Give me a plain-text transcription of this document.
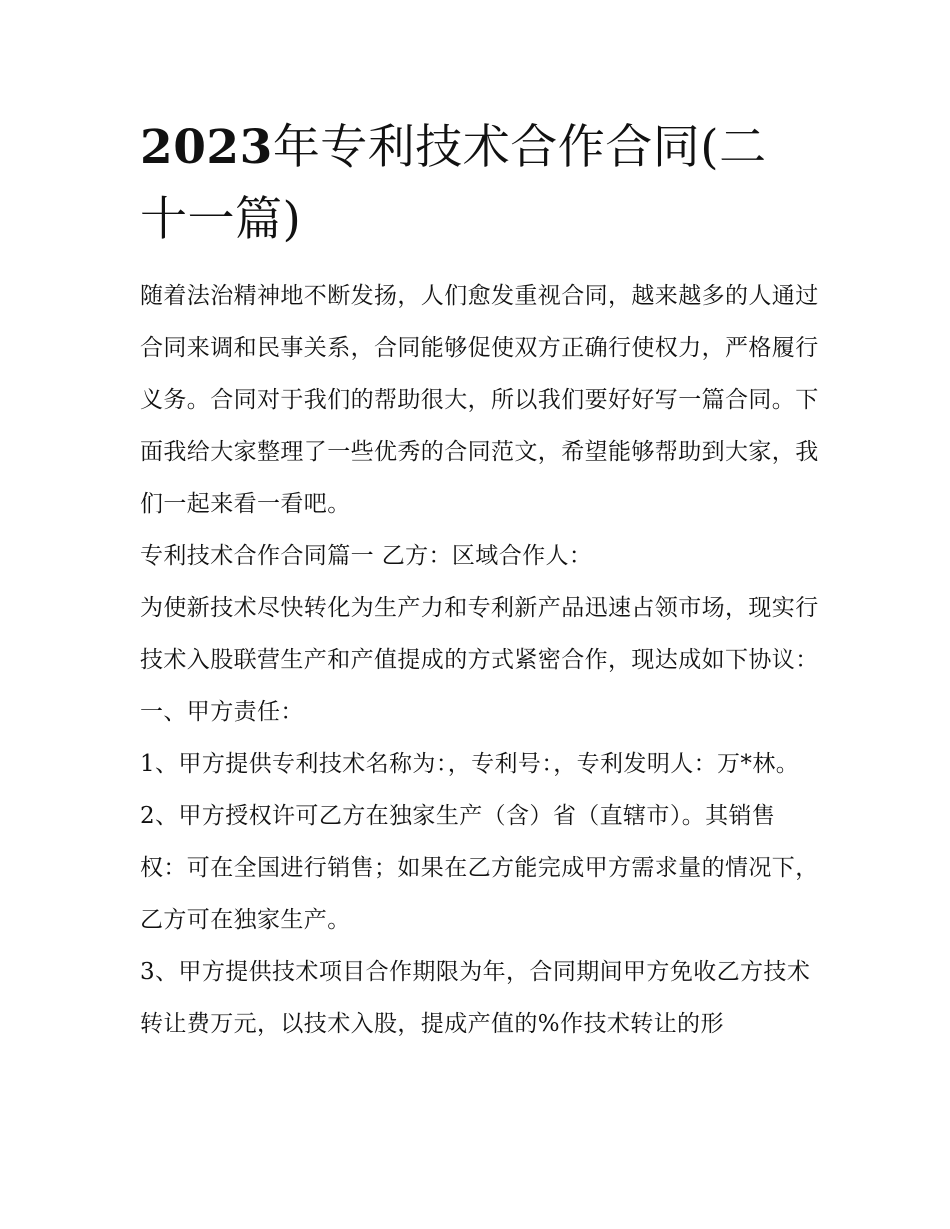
2023年专利技术合作合同(二十一篇)

随着法治精神地不断发扬，人们愈发重视合同，越来越多的人通过合同来调和民事关系，合同能够促使双方正确行使权力，严格履行义务。合同对于我们的帮助很大，所以我们要好好写一篇合同。下面我给大家整理了一些优秀的合同范文，希望能够帮助到大家，我们一起来看一看吧。

专利技术合作合同篇一 乙方：区域合作人：

为使新技术尽快转化为生产力和专利新产品迅速占领市场，现实行技术入股联营生产和产值提成的方式紧密合作，现达成如下协议： 一、甲方责任：

1、甲方提供专利技术名称为：，专利号：，专利发明人：万*林。

2、甲方授权许可乙方在独家生产（含）省（直辖市）。其销售权：可在全国进行销售；如果在乙方能完成甲方需求量的情况下，乙方可在独家生产。

3、甲方提供技术项目合作期限为年，合同期间甲方免收乙方技术转让费万元，以技术入股，提成产值的%作技术转让的形
